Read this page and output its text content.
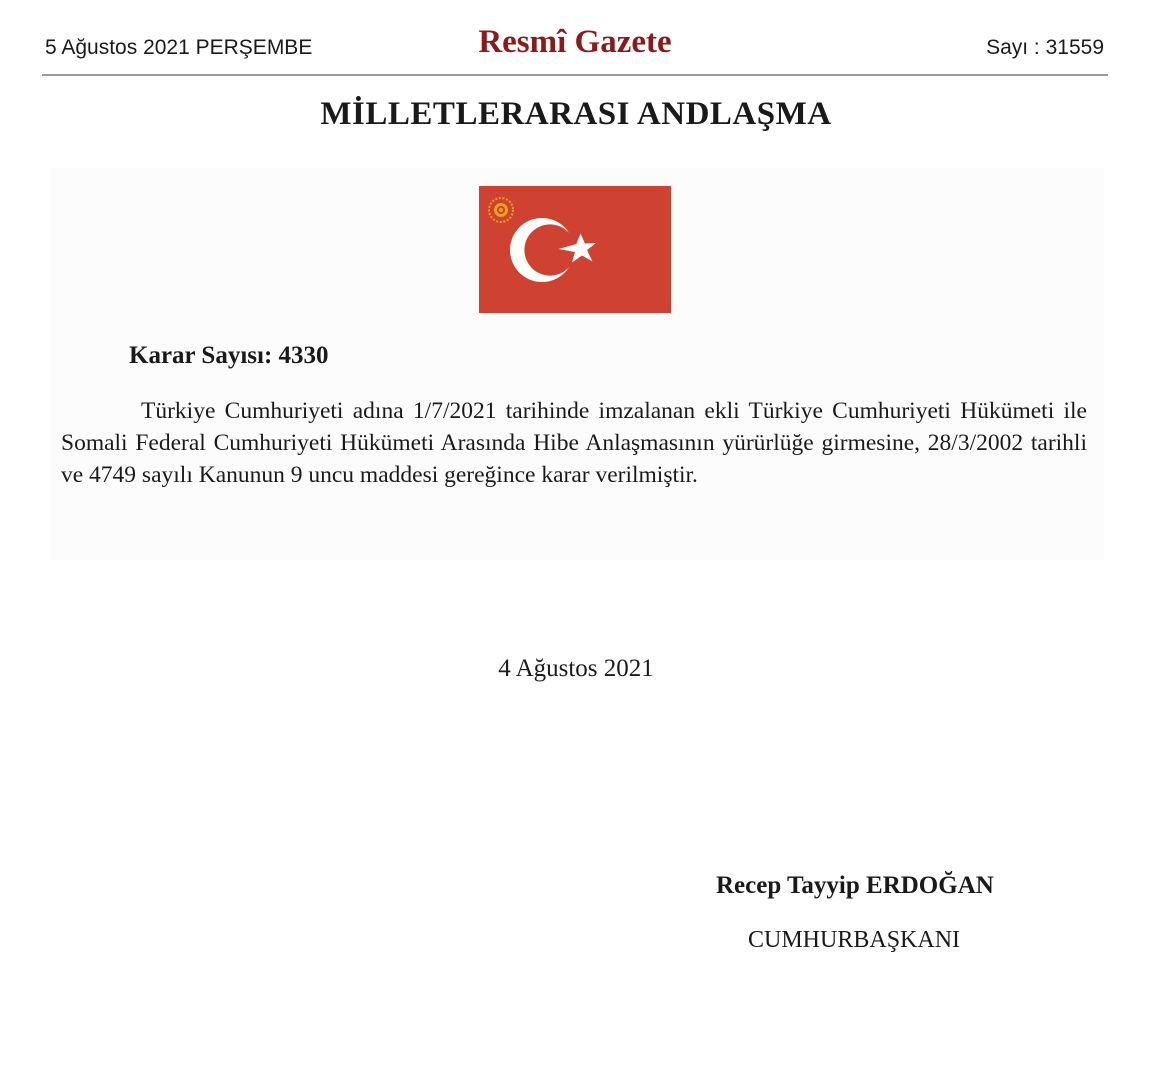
5 Ağustos 2021 PERŞEMBE	Resmî Gazete	Sayı : 31559
MİLLETLERARASI ANDLAŞMA
Karar Sayısı: 4330

Türkiye Cumhuriyeti adına 1/7/2021 tarihinde imzalanan ekli Türkiye Cumhuriyeti Hükümeti ile Somali Federal Cumhuriyeti Hükümeti Arasında Hibe Anlaşmasının yürürlüğe girmesine, 28/3/2002 tarihli ve 4749 sayılı Kanunun 9 uncu maddesi gereğince karar verilmiştir.

4 Ağustos 2021
Recep Tayyip ERDOĞAN
CUMHURBAŞKANI
